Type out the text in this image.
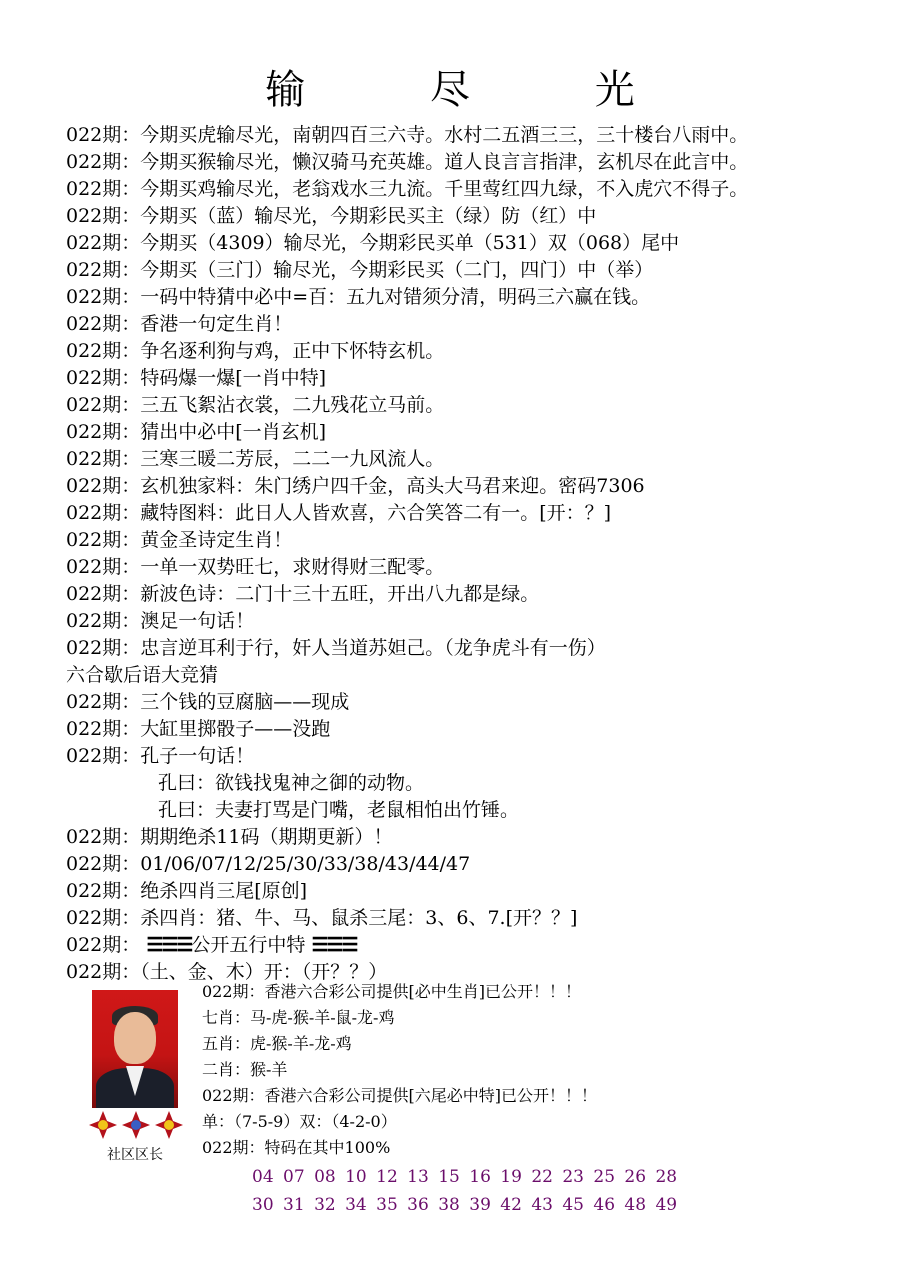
输 尽 光
022期：今期买虎输尽光，南朝四百三六寺。水村二五酒三三，三十楼台八雨中。
022期：今期买猴输尽光，懒汉骑马充英雄。道人良言言指津，玄机尽在此言中。
022期：今期买鸡输尽光，老翁戏水三九流。千里莺红四九绿，不入虎穴不得子。
022期：今期买（蓝）输尽光，今期彩民买主（绿）防（红）中
022期：今期买（4309）输尽光，今期彩民买单（531）双（068）尾中
022期：今期买（三门）输尽光，今期彩民买（二门，四门）中（举）
022期：一码中特猜中必中=百：五九对错须分清，明码三六赢在钱。
022期：香港一句定生肖！
022期：争名逐利狗与鸡，正中下怀特玄机。
022期：特码爆一爆[一肖中特]
022期：三五飞絮沾衣裳，二九残花立马前。
022期：猜出中必中[一肖玄机]
022期：三寒三暖二芳辰，二二一九风流人。
022期：玄机独家料：朱门绣户四千金，高头大马君来迎。密码7306
022期：藏特图料：此日人人皆欢喜，六合笑答二有一。[开：？]
022期：黄金圣诗定生肖！
022期：一单一双势旺七，求财得财三配零。
022期：新波色诗：二门十三十五旺，开出八九都是绿。
022期：澳足一句话！
022期：忠言逆耳利于行，奸人当道苏妲己。（龙争虎斗有一伤）
六合歇后语大竞猜
022期：三个钱的豆腐脑——现成
022期：大缸里掷骰子——没跑
022期：孔子一句话！
孔曰：欲钱找鬼神之御的动物。
孔曰：夫妻打骂是门嘴，老鼠相怕出竹锤。
022期：期期绝杀11码（期期更新）！
022期：01/06/07/12/25/30/33/38/43/44/47
022期：绝杀四肖三尾[原创]
022期：杀四肖：猪、牛、马、鼠杀三尾：3、6、7.[开？？]
022期： ☰☰☰公开五行中特 ☰☰☰
022期：（土、金、木）开：（开？？）
社区区长
022期：香港六合彩公司提供[必中生肖]已公开！！！
七肖：马-虎-猴-羊-鼠-龙-鸡
五肖：虎-猴-羊-龙-鸡
二肖：猴-羊
022期：香港六合彩公司提供[六尾必中特]已公开！！！
单：（7-5-9）双：（4-2-0）
022期：特码在其中100%
04 07 08 10 12 13 15 16 19 22 23 25 26 28
30 31 32 34 35 36 38 39 42 43 45 46 48 49
